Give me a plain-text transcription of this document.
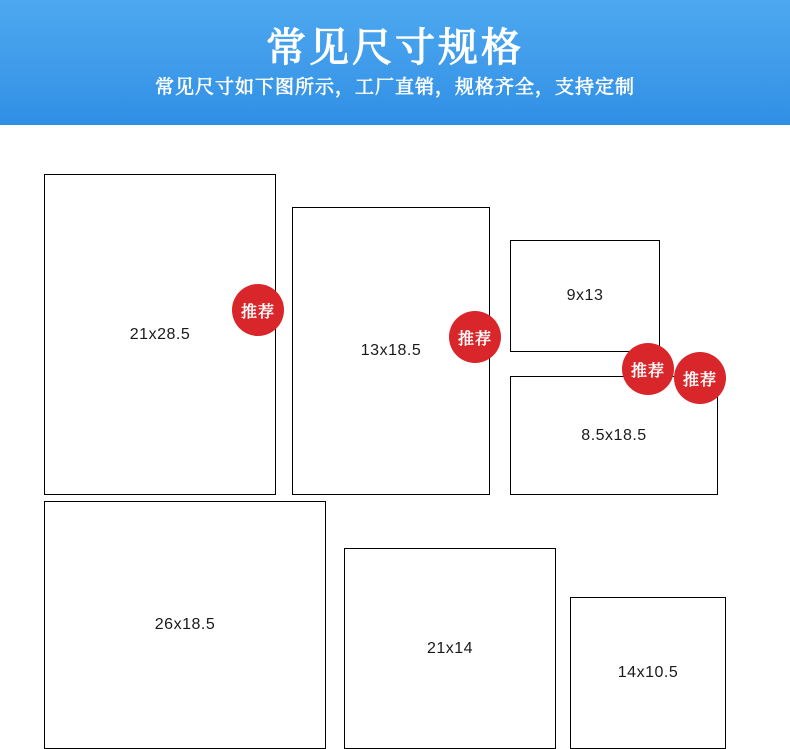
常见尺寸规格
常见尺寸如下图所示，工厂直销，规格齐全，支持定制
21x28.5
推荐
13x18.5
推荐
9x13
推荐
8.5x18.5
推荐
26x18.5
21x14
14x10.5
